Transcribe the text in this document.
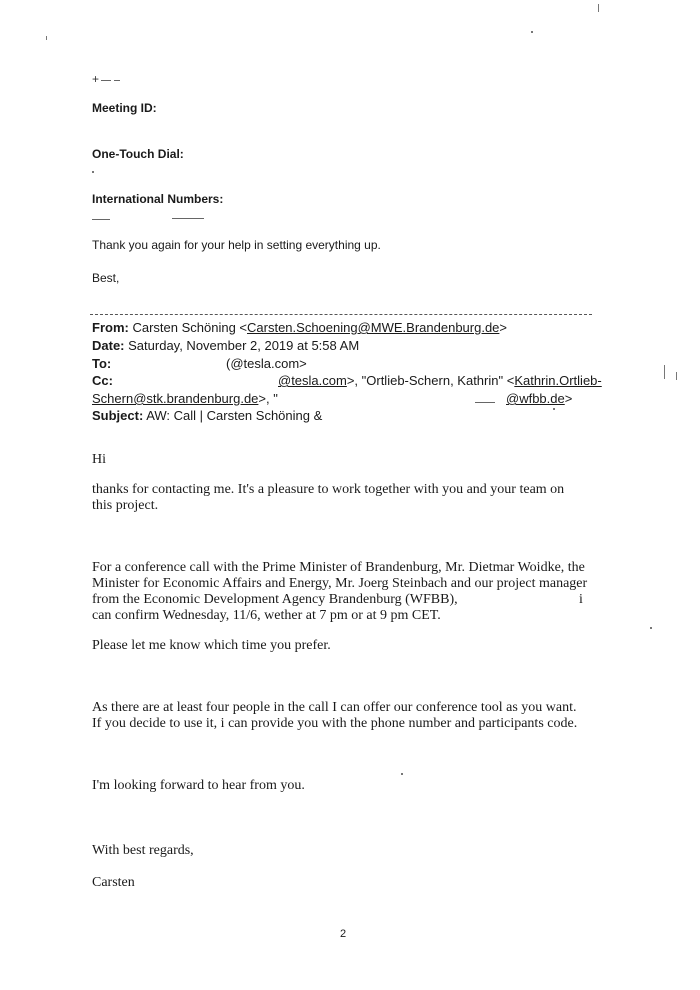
+
Meeting ID:
One-Touch Dial:
International Numbers:
Thank you again for your help in setting everything up.
Best,
From: Carsten Schöning <Carsten.Schoening@MWE.Brandenburg.de>
Date: Saturday, November 2, 2019 at 5:58 AM
To:	(@tesla.com>
Cc:	@tesla.com>, "Ortlieb-Schern, Kathrin" <Kathrin.Ortlieb-
Schern@stk.brandenburg.de>, "	@wfbb.de>
Subject: AW: Call | Carsten Schöning &
Hi
thanks for contacting me. It's a pleasure to work together with you and your team on this project.
For a conference call with the Prime Minister of Brandenburg, Mr. Dietmar Woidke, the
Minister for Economic Affairs and Energy, Mr. Joerg Steinbach and our project manager
from the Economic Development Agency Brandenburg (WFBB),	i
can confirm Wednesday, 11/6, wether at 7 pm or at 9 pm CET.
Please let me know which time you prefer.
As there are at least four people in the call I can offer our conference tool as you want. If you decide to use it, i can provide you with the phone number and participants code.
I'm looking forward to hear from you.
With best regards,
Carsten
2
